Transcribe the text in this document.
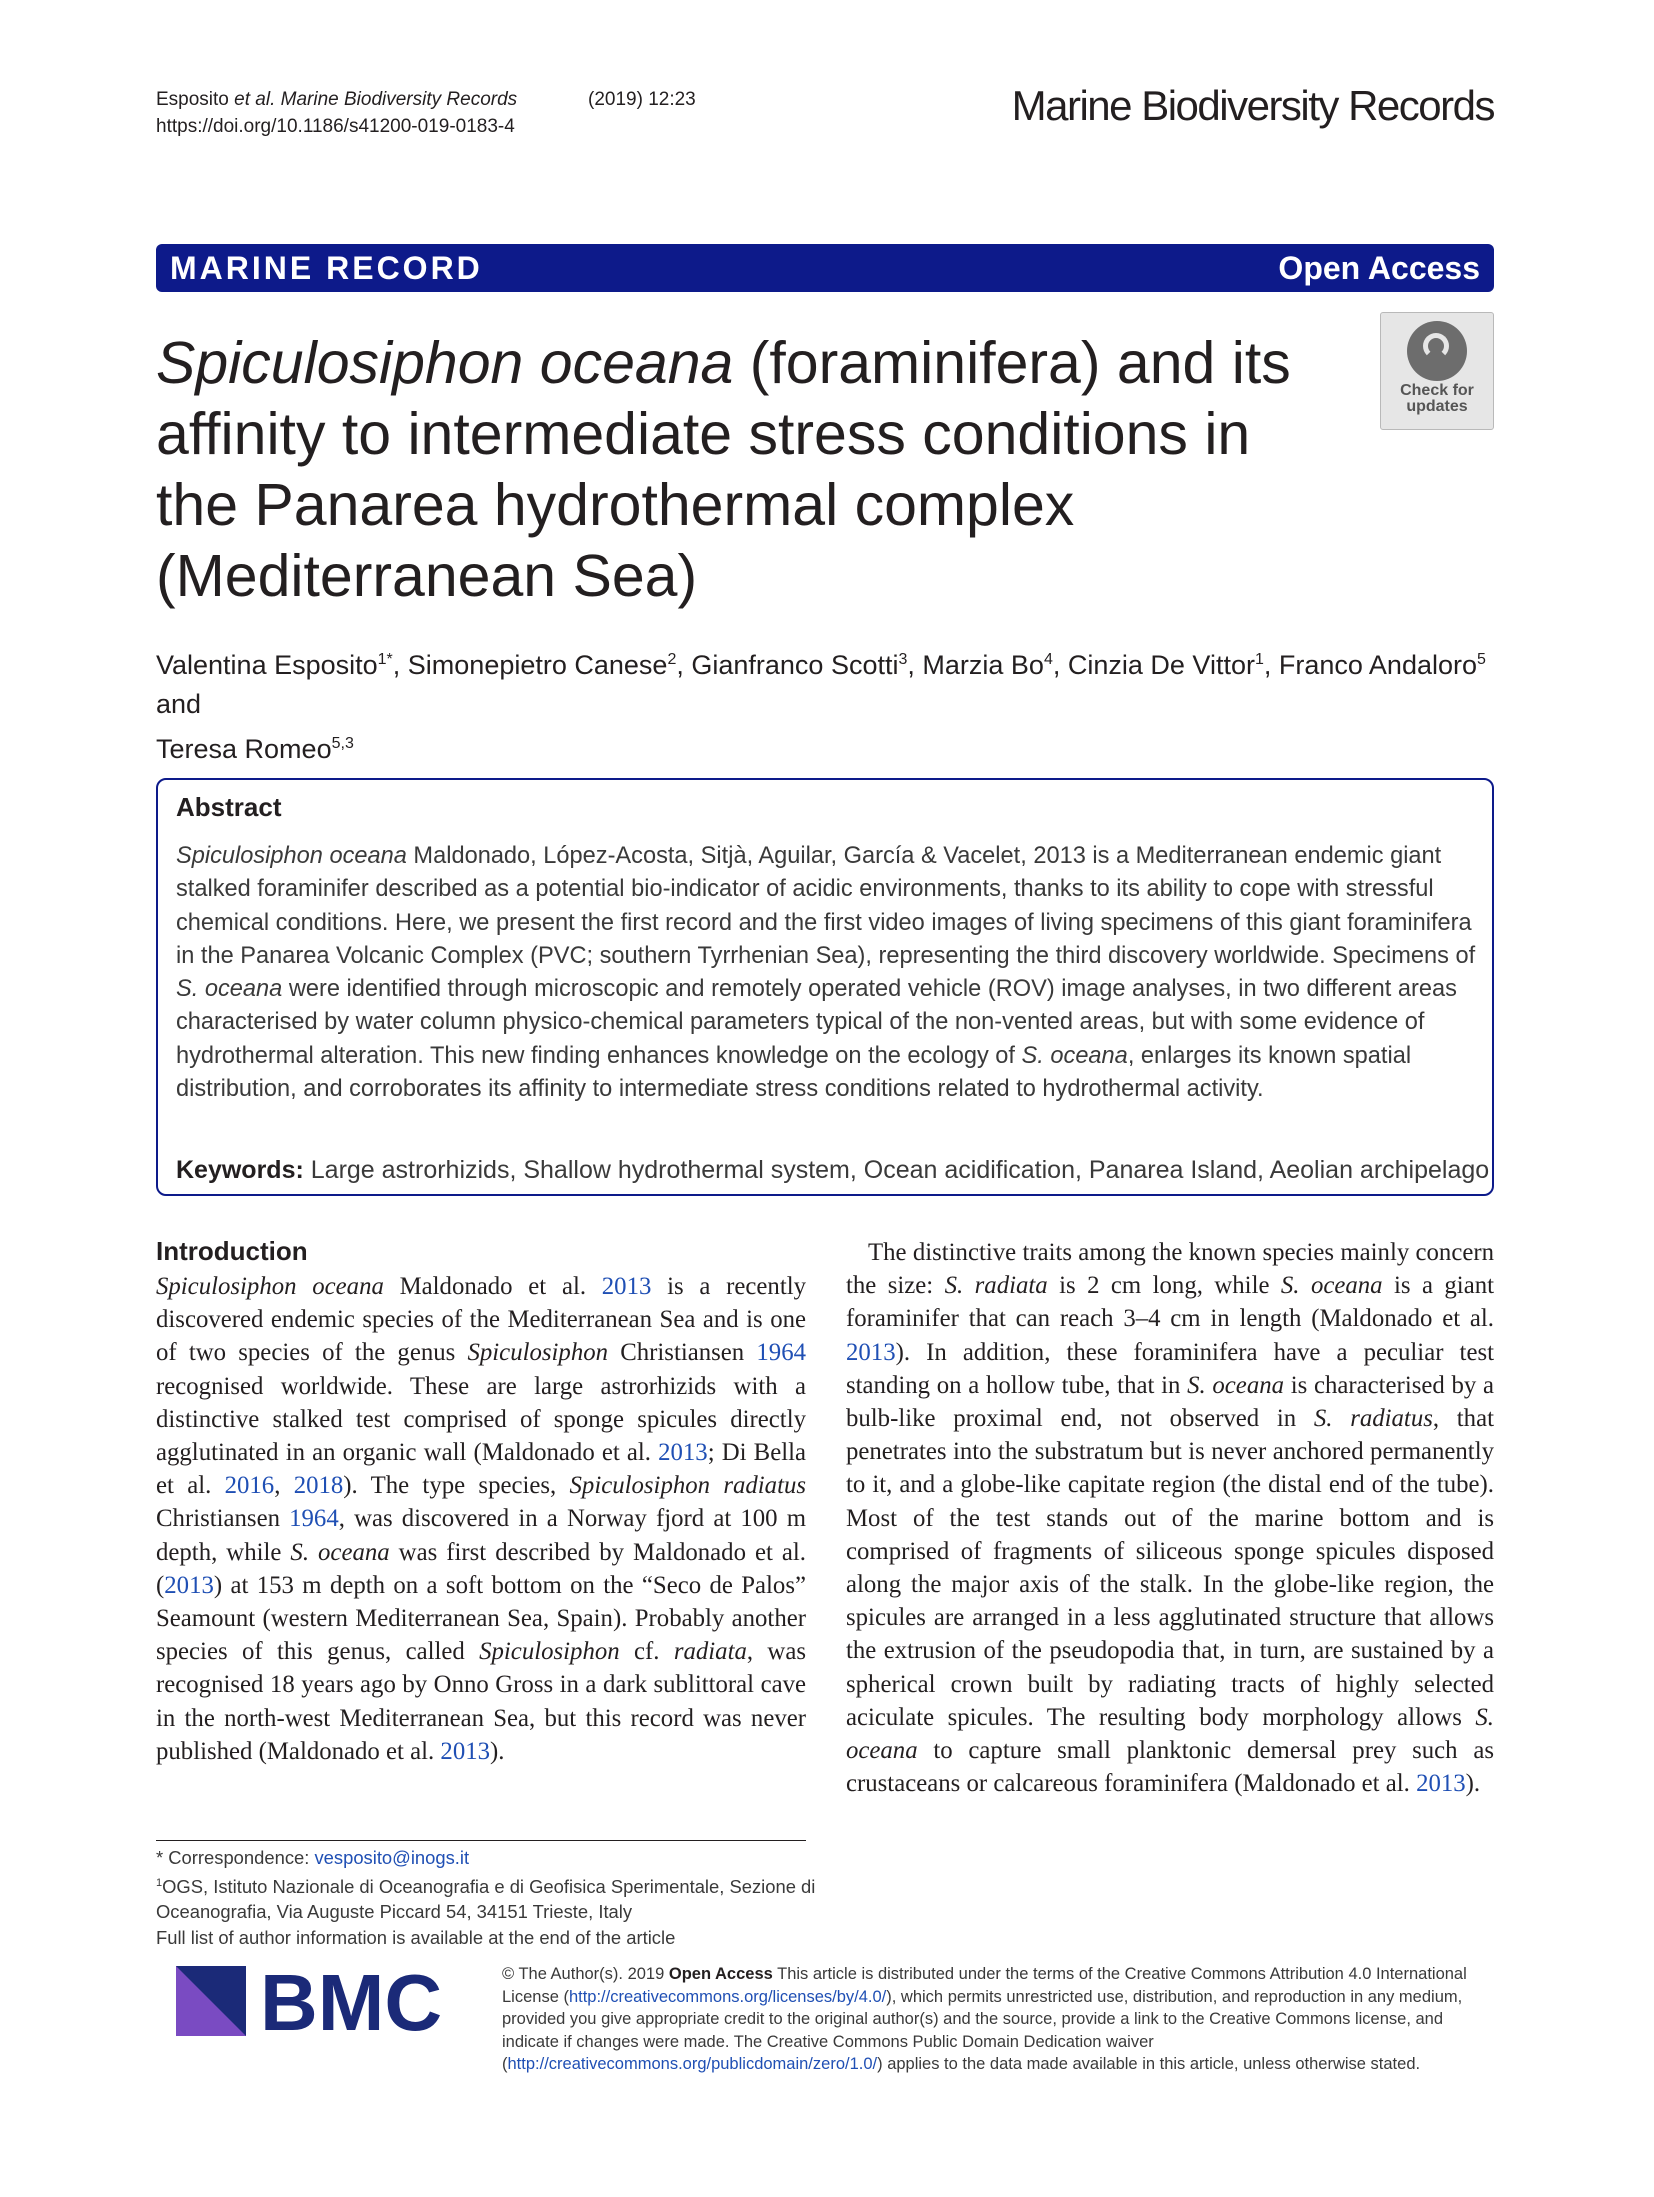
Esposito et al. Marine Biodiversity Records	(2019) 12:23
https://doi.org/10.1186/s41200-019-0183-4	Marine Biodiversity Records
MARINE RECORD	Open Access
Spiculosiphon oceana (foraminifera) and its
affinity to intermediate stress conditions in
the Panarea hydrothermal complex
(Mediterranean Sea)
Check for
updates
Valentina Esposito$^{1*}$, Simonepietro Canese$^2$, Gianfranco Scotti$^3$, Marzia Bo$^4$, Cinzia De Vittor$^1$, Franco Andaloro$^5$ and
Teresa Romeo$^{5,3}$
Abstract
Spiculosiphon oceana Maldonado, López-Acosta, Sitjà, Aguilar, García & Vacelet, 2013 is a Mediterranean endemic giant stalked foraminifer described as a potential bio-indicator of acidic environments, thanks to its ability to cope with stressful chemical conditions. Here, we present the first record and the first video images of living specimens of this giant foraminifera in the Panarea Volcanic Complex (PVC; southern Tyrrhenian Sea), representing the third discovery worldwide. Specimens of S. oceana were identified through microscopic and remotely operated vehicle (ROV) image analyses, in two different areas characterised by water column physico-chemical parameters typical of the non-vented areas, but with some evidence of hydrothermal alteration. This new finding enhances knowledge on the ecology of S. oceana, enlarges its known spatial distribution, and corroborates its affinity to intermediate stress conditions related to hydrothermal activity.
Keywords: Large astrorhizids, Shallow hydrothermal system, Ocean acidification, Panarea Island, Aeolian archipelago
Introduction

Spiculosiphon oceana Maldonado et al. 2013 is a recently discovered endemic species of the Mediterranean Sea and is one of two species of the genus Spiculosiphon Christiansen 1964 recognised worldwide. These are large astrorhizids with a distinctive stalked test comprised of sponge spicules directly agglutinated in an organic wall (Maldonado et al. 2013; Di Bella et al. 2016, 2018). The type species, Spiculosiphon radiatus Christiansen 1964, was discovered in a Norway fjord at 100 m depth, while S. oceana was first described by Maldonado et al. (2013) at 153 m depth on a soft bottom on the “Seco de Palos” Seamount (western Mediterranean Sea, Spain). Probably another species of this genus, called Spiculosiphon cf. radiata, was recognised 18 years ago by Onno Gross in a dark sublittoral cave in the north-west Mediterranean Sea, but this record was never published (Maldonado et al. 2013).

The distinctive traits among the known species mainly concern the size: S. radiata is 2 cm long, while S. oceana is a giant foraminifer that can reach 3–4 cm in length (Maldonado et al. 2013). In addition, these foraminifera have a peculiar test standing on a hollow tube, that in S. oceana is characterised by a bulb-like proximal end, not observed in S. radiatus, that penetrates into the substratum but is never anchored permanently to it, and a globe-like capitate region (the distal end of the tube). Most of the test stands out of the marine bottom and is comprised of fragments of siliceous sponge spicules disposed along the major axis of the stalk. In the globe-like region, the spicules are arranged in a less agglutinated structure that allows the extrusion of the pseudopodia that, in turn, are sustained by a spherical crown built by radiating tracts of highly selected aciculate spicules. The resulting body morphology allows S. oceana to capture small planktonic demersal prey such as crustaceans or calcareous foraminifera (Maldonado et al. 2013).

* Correspondence: vesposito@inogs.it
$^1$OGS, Istituto Nazionale di Oceanografia e di Geofisica Sperimentale, Sezione di Oceanografia, Via Auguste Piccard 54, 34151 Trieste, Italy
Full list of author information is available at the end of the article
BMC	© The Author(s). 2019 Open Access This article is distributed under the terms of the Creative Commons Attribution 4.0 International License (http://creativecommons.org/licenses/by/4.0/), which permits unrestricted use, distribution, and reproduction in any medium, provided you give appropriate credit to the original author(s) and the source, provide a link to the Creative Commons license, and indicate if changes were made. The Creative Commons Public Domain Dedication waiver (http://creativecommons.org/publicdomain/zero/1.0/) applies to the data made available in this article, unless otherwise stated.
